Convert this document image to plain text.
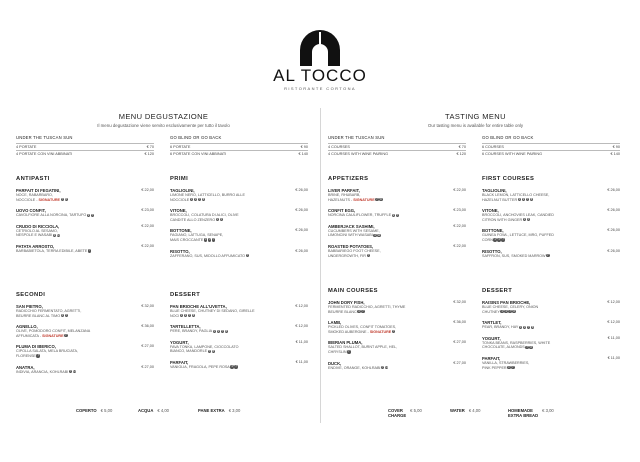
AL TOCCO
RISTORANTE CORTONA
MENU DEGUSTAZIONE
Il menu degustazione viene servito esclusivamente per tutto il tavolo
UNDER THE TUSCAN SUN
4 PORTATE	€ 70
4 PORTATE CON VINI ABBINATI	€ 120
GO BLIND OR GO BACK
6 PORTATE	€ 90
6 PORTATE CON VINI ABBINATI	€ 140
ANTIPASTI
PARFAIT DI FEGATINI,
NOCE, RABARBARO,
NOCCIOLE - SIGNATURE 7 8
€ 22,00
UOVO CONFIT,
CAVOLFIORE ALLA NORCINA, TARTUFO 3 7
€ 23,00
CRUDO DI RICCIOLA,
CETRIOLO AL SESAMO,
NESPOLE E WASABI 4 11
€ 22,00
PATATA ARROSTO,
BARBABIETOLA, TERRA EDIBILE, ABETE 7
€ 22,00
PRIMI
TAGLIOLINI,
LIMONE NERO, LATTICELLO, BURRO ALLE
NOCCIOLE 1 3 7 8
€ 26,00
VITONE,
BROCCOLI, COLATURA DI ALICI, OLIVE
CANDITE ALLO ZENZERO 1 4
€ 26,00
BOTTONE,
FAGIANO, LATTUGA, SENAPE,
MAIS CROCCANTE 1 3 7
€ 26,00
RISOTTO,
ZAFFERANO, SUS, MIDOLLO AFFUMICATO 7
€ 26,00
SECONDI
SAN PIETRO,
RADICCHIO FERMENTATO, AGRETTI,
BEURRE BLANC AL TIMO 4 7
€ 32,00
AGNELLO,
OLIVE, POMODORO CONFIT, MELANZANA
AFFUMICATA - SIGNATURE 7
€ 36,00
PLUMA DI IBERICO,
CIPOLLA SALATA, MELA BRUCIATA,
FLORENSE 7
€ 27,00
ANATRA,
INDIVIA, ARANCIA, KOHLRABI 7 12
€ 27,00
DESSERT
PAN BRIOCHE ALL'UVETTA,
BLUE CHEESE, CHUTNEY DI SEDANO, GIRELLE
NOCI 1 3 7 8
€ 12,00
TARTELLETTA,
PERE, BRANDY, PAGLIA 1 3 7 8
€ 12,00
YOGURT,
FAVA TONKA, LAMPONE, CIOCCOLATO
BIANCO, MANDORLE 7 8
€ 11,00
PARFAIT,
VANIGLIA, FRAGOLA, PEPE ROSA 3 7
€ 11,00
COPERTO € 5,00	ACQUA € 4,00	PANE EXTRA € 3,00
TASTING MENU
Our tasting menu is available for entire table only
UNDER THE TUSCAN SUN
4 COURSES	€ 70
4 COURSES WITH WINE PAIRING	€ 120
GO BLIND OR GO BACK
6 COURSES	€ 90
6 COURSES WITH WINE PAIRING	€ 140
APPETIZERS
LIVER PARFAIT,
BRINE, RHUBARB,
HAZELNUTS - SIGNATURE 7 8
€ 22,00
CONFIT EGG,
NORCINA CAULIFLOWER, TRUFFLE 3 7
€ 23,00
AMBERJACK SASHIMI,
CUCUMBERS WITH SESAME,
LIMONCINI WITH WASABI 4 11
€ 22,00
ROASTED POTATOES,
BABBARIEGO FOOT CHEESE,
UNDERGROWTH, FIR 7
€ 22,00
FIRST COURSES
TAGLIOLINI,
BLACK LEMON, LATTICELLO CHEESE,
HAZELNUT BUTTER 1 3 7 8
€ 26,00
VITONE,
BROCCOLI, ANCHOVIES LEAK, CANDIED
CITRON WITH GINGER 1 4
€ 26,00
BOTTONE,
GUINEA FOWL, LETTUCE, MRG, PUFFED
CORN 1 3 7
€ 26,00
RISOTTO,
SAFFRON, SUS, SMOKED MARROW 7
€ 26,00
MAIN COURSES
JOHN DORY FISH,
FERMENTED RADICCHIO, AGRETTI, THYME
BEURRE BLANC 4 7
€ 32,00
LAMB,
PICKLED OLIVES, CONFIT TOMATOES,
SMOKED AUBERGINE - SIGNATURE 7
€ 36,00
IBERIAN PLUMA,
SALTED SHALLOT, BURNT APPLE, HEL,
CHRYSLIN 7
€ 27,00
DUCK,
ENDIVE, ORANGE, KOHLRABI 7 12
€ 27,00
DESSERT
RAISINS PAN BRIOCHE,
BLUE CHEESE, CELERY, ONION
CHUTNEY 1 3 7 8
€ 12,00
TARTLET,
PEAR, BRANDY, HAY 1 3 7 8
€ 12,00
YOGURT,
TONKA BEANS, RASPBERRIES, WHITE
CHOCOLATE, ALMONDS 7 8
€ 11,00
PARFAIT,
VANILLA, STRAWBERRIES,
PINK PEPPER 3 7
€ 11,00
COVER
CHARGE€ 5,00	WATER € 4,00	HOMEMADE
EXTRA BREAD€ 3,00
